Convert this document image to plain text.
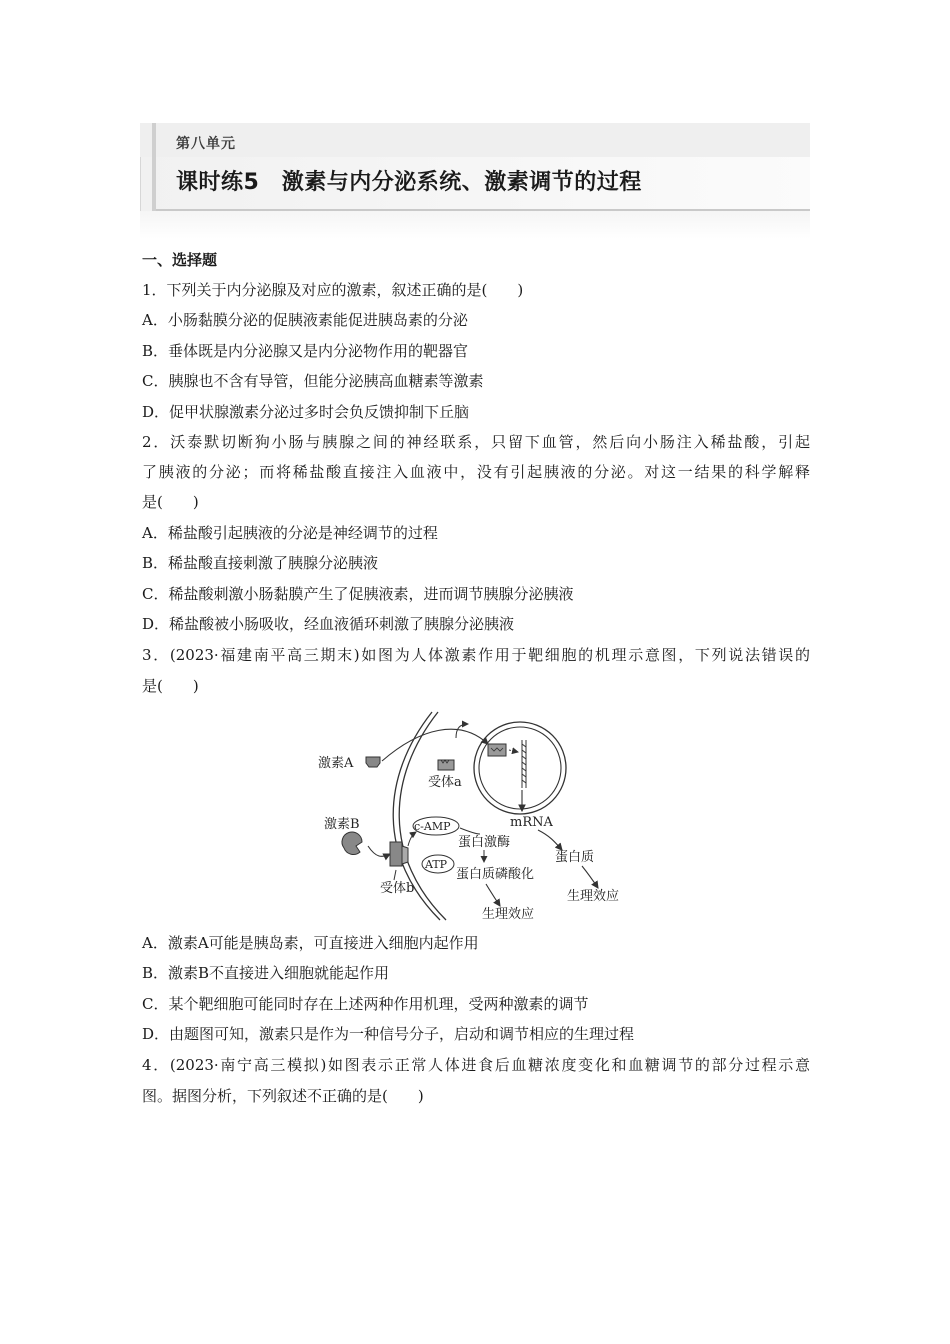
第八单元
课时练5　激素与内分泌系统、激素调节的过程
一、选择题
1．下列关于内分泌腺及对应的激素，叙述正确的是(　　)
A．小肠黏膜分泌的促胰液素能促进胰岛素的分泌
B．垂体既是内分泌腺又是内分泌物作用的靶器官
C．胰腺也不含有导管，但能分泌胰高血糖素等激素
D．促甲状腺激素分泌过多时会负反馈抑制下丘脑
2．沃泰默切断狗小肠与胰腺之间的神经联系，只留下血管，然后向小肠注入稀盐酸，引起
了胰液的分泌；而将稀盐酸直接注入血液中，没有引起胰液的分泌。对这一结果的科学解释
是(　　)
A．稀盐酸引起胰液的分泌是神经调节的过程
B．稀盐酸直接刺激了胰腺分泌胰液
C．稀盐酸刺激小肠黏膜产生了促胰液素，进而调节胰腺分泌胰液
D．稀盐酸被小肠吸收，经血液循环刺激了胰腺分泌胰液
3．(2023·福建南平高三期末)如图为人体激素作用于靶细胞的机理示意图，下列说法错误的
是(　　)
激素A
受体a
mRNA
蛋白质
生理效应
激素B
受体b
c-AMP
蛋白激酶
ATP
蛋白质磷酸化
生理效应
A．激素A可能是胰岛素，可直接进入细胞内起作用
B．激素B不直接进入细胞就能起作用
C．某个靶细胞可能同时存在上述两种作用机理，受两种激素的调节
D．由题图可知，激素只是作为一种信号分子，启动和调节相应的生理过程
4．(2023·南宁高三模拟)如图表示正常人体进食后血糖浓度变化和血糖调节的部分过程示意
图。据图分析，下列叙述不正确的是(　　)
